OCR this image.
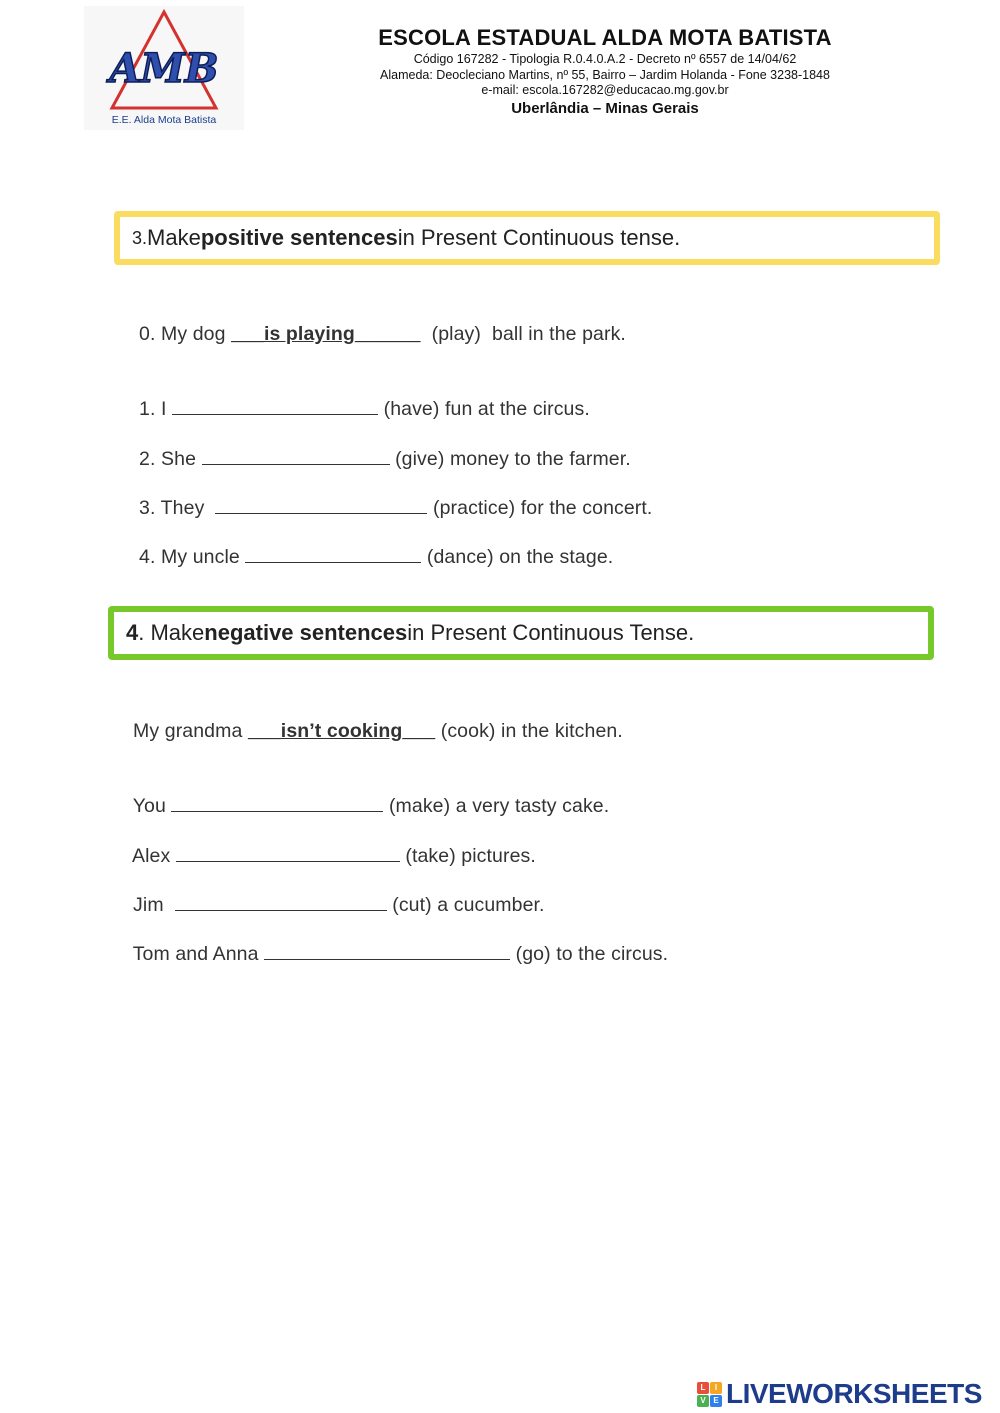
AMB
E.E. Alda Mota Batista
ESCOLA ESTADUAL ALDA MOTA BATISTA
Código 167282 - Tipologia R.0.4.0.A.2 - Decreto nº 6557 de 14/04/62
Alameda: Deocleciano Martins, nº 55, Bairro – Jardim Holanda - Fone 3238-1848
e-mail: escola.167282@educacao.mg.gov.br
Uberlândia – Minas Gerais
3. Make positive sentences in Present Continuous tense.

0. My dog ___is playing______ (play)  ball in the park.

1. I	(have) fun at the circus.

2. She	(give) money to the farmer.

3. They	(practice) for the concert.

4. My uncle	(dance) on the stage.

4 . Make negative sentences in Present Continuous Tense.

My grandma ___isn’t cooking___ (cook) in the kitchen.

You	(make) a very tasty cake.

Alex	(take) pictures.

Jim	(cut) a cucumber.

Tom and Anna	(go) to the circus.

L	I
V E LIVEWORKSHEETS
